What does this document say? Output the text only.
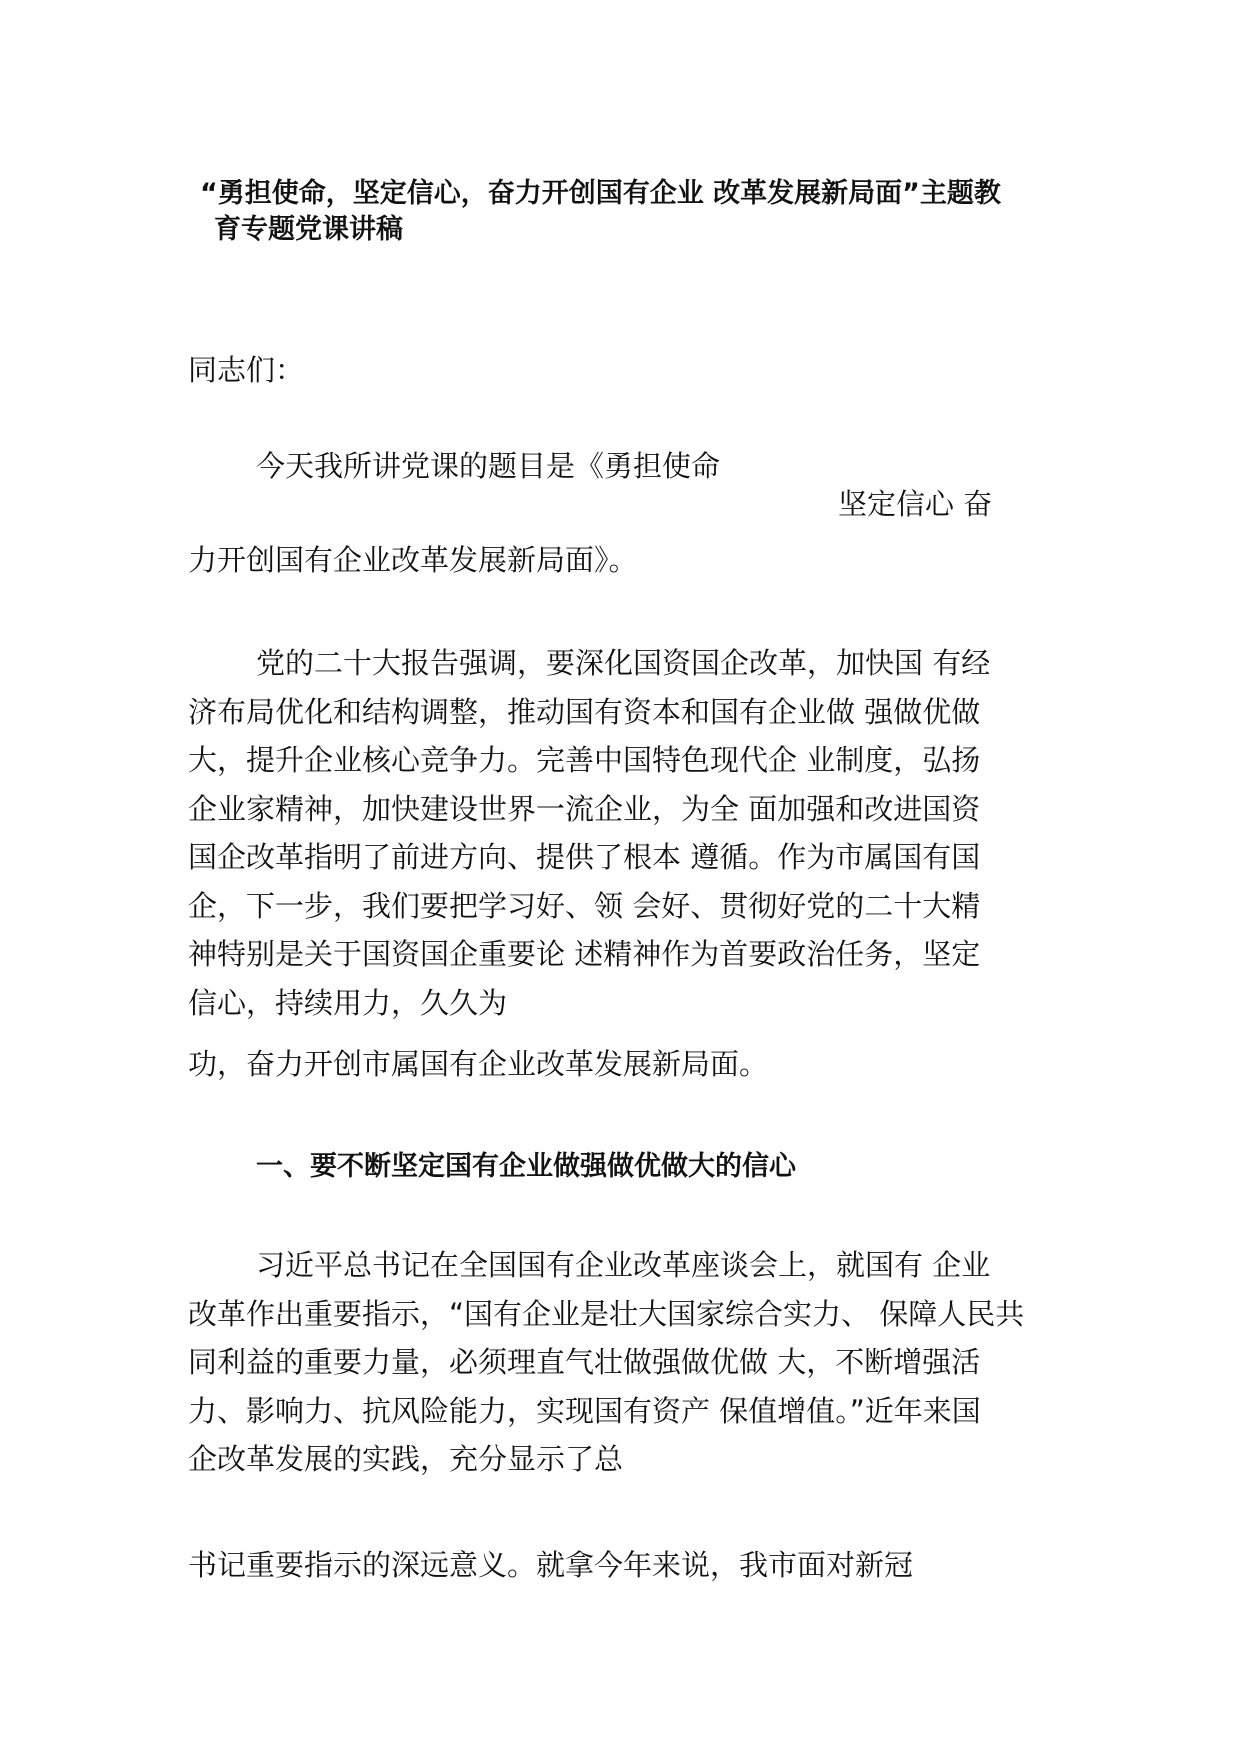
“勇担使命，坚定信心，奋力开创国有企业 改革发展新局面”主题教
育专题党课讲稿

同志们：

今天我所讲党课的题目是《勇担使命

坚定信心 奋

力开创国有企业改革发展新局面》。

党的二十大报告强调，要深化国资国企改革，加快国 有经
济布局优化和结构调整，推动国有资本和国有企业做 强做优做
大，提升企业核心竞争力。完善中国特色现代企 业制度，弘扬
企业家精神，加快建设世界一流企业，为全 面加强和改进国资
国企改革指明了前进方向、提供了根本 遵循。作为市属国有国
企，下一步，我们要把学习好、领 会好、贯彻好党的二十大精
神特别是关于国资国企重要论 述精神作为首要政治任务，坚定
信心，持续用力，久久为

功，奋力开创市属国有企业改革发展新局面。

一、要不断坚定国有企业做强做优做大的信心

习近平总书记在全国国有企业改革座谈会上，就国有 企业
改革作出重要指示，“国有企业是壮大国家综合实力、 保障人民共
同利益的重要力量，必须理直气壮做强做优做 大，不断增强活
力、影响力、抗风险能力，实现国有资产 保值增值。”近年来国
企改革发展的实践，充分显示了总

书记重要指示的深远意义。就拿今年来说，我市面对新冠
